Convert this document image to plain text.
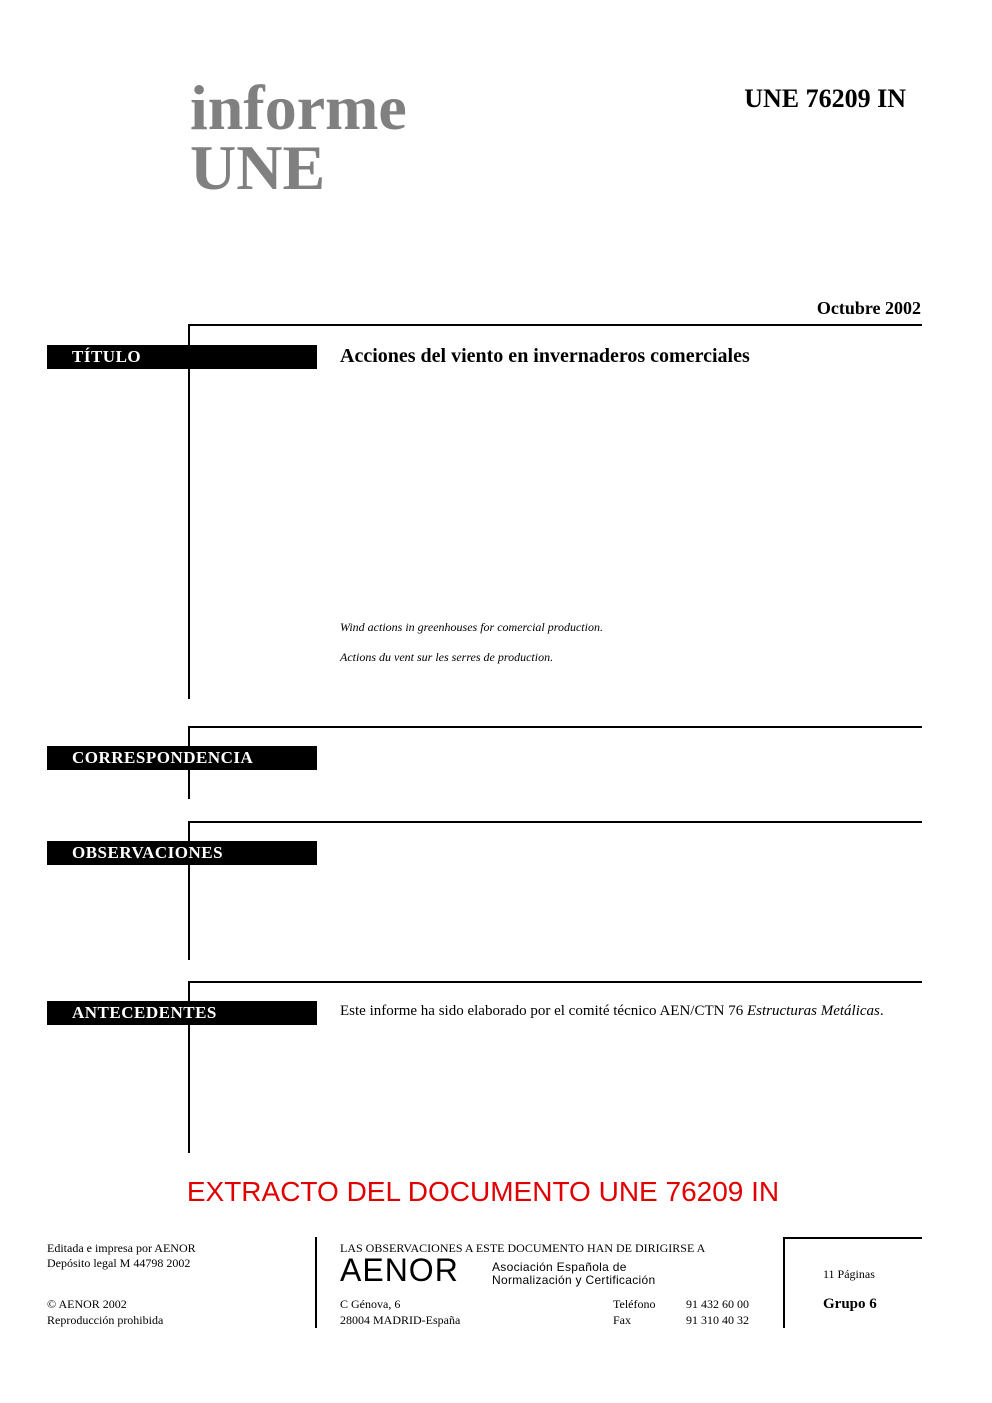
informe
UNE
UNE 76209 IN
Octubre 2002
TÍTULO	Acciones del viento en invernaderos comerciales
Wind actions in greenhouses for comercial production.
Actions du vent sur les serres de production.
CORRESPONDENCIA
OBSERVACIONES
ANTECEDENTES	Este informe ha sido elaborado por el comité técnico AEN/CTN 76 Estructuras Metálicas.
EXTRACTO DEL DOCUMENTO UNE 76209 IN
Editada e impresa por AENOR
Depósito legal M 44798 2002
© AENOR 2002
Reproducción prohibida
LAS OBSERVACIONES A ESTE DOCUMENTO HAN DE DIRIGIRSE A
AENOR	Asociación Española de
Normalización y Certificación
C Génova, 6
28004 MADRID-España
Teléfono	91 432 60 00
Fax	91 310 40 32
11 Páginas
Grupo 6
